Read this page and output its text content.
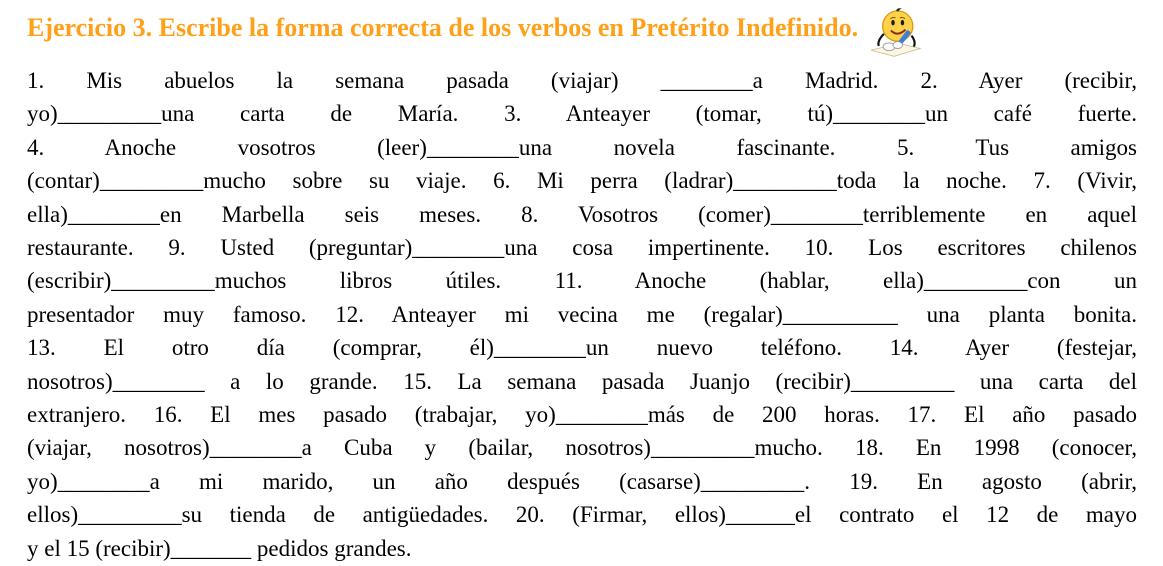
Ejercicio 3. Escribe la forma correcta de los verbos en Pretérito Indefinido.
1. Mis abuelos la semana pasada (viajar) ________a Madrid. 2. Ayer (recibir,
yo)_________una carta de María. 3. Anteayer (tomar, tú)________un café fuerte.
4. Anoche vosotros (leer)________una novela fascinante. 5. Tus amigos
(contar)_________mucho sobre su viaje. 6. Mi perra (ladrar)_________toda la noche. 7. (Vivir,
ella)________en Marbella seis meses. 8. Vosotros (comer)________terriblemente en aquel
restaurante. 9. Usted (preguntar)________una cosa impertinente. 10. Los escritores chilenos
(escribir)_________muchos libros útiles. 11. Anoche (hablar, ella)_________con un
presentador muy famoso. 12. Anteayer mi vecina me (regalar)__________ una planta bonita.
13. El otro día (comprar, él)________un nuevo teléfono. 14. Ayer (festejar,
nosotros)________ a lo grande. 15. La semana pasada Juanjo (recibir)_________ una carta del
extranjero. 16. El mes pasado (trabajar, yo)________más de 200 horas. 17. El año pasado
(viajar, nosotros)________a Cuba y (bailar, nosotros)_________mucho. 18. En 1998 (conocer,
yo)________a mi marido, un año después (casarse)_________. 19. En agosto (abrir,
ellos)_________su tienda de antigüedades. 20. (Firmar, ellos)______el contrato el 12 de mayo
y el 15 (recibir)_______ pedidos grandes.
